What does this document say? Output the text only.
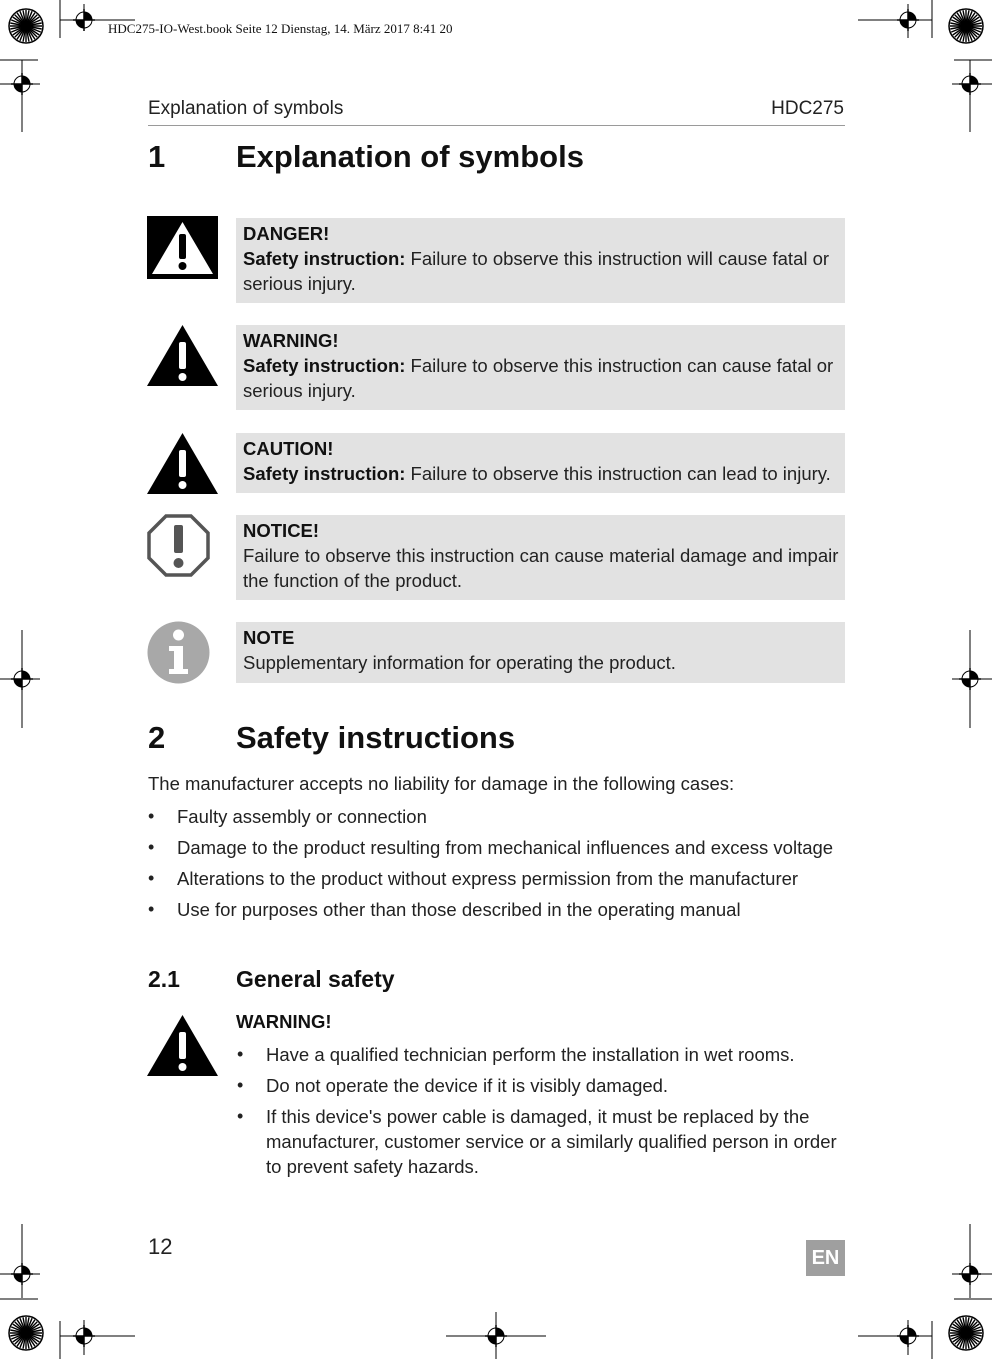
HDC275-IO-West.book Seite 12 Dienstag, 14. März 2017 8:41 20
Explanation of symbols	HDC275
1 Explanation of symbols
DANGER!
Safety instruction: Failure to observe this instruction will cause fatal or serious injury.
WARNING!
Safety instruction: Failure to observe this instruction can cause fatal or serious injury.
CAUTION!
Safety instruction: Failure to observe this instruction can lead to injury.
NOTICE!
Failure to observe this instruction can cause material damage and impair the function of the product.
NOTE
Supplementary information for operating the product.
2 Safety instructions
The manufacturer accepts no liability for damage in the following cases:
• Faulty assembly or connection
• Damage to the product resulting from mechanical influences and excess voltage
• Alterations to the product without express permission from the manufacturer
• Use for purposes other than those described in the operating manual
2.1 General safety
WARNING!
• Have a qualified technician perform the installation in wet rooms.
• Do not operate the device if it is visibly damaged.
• If this device's power cable is damaged, it must be replaced by the manufacturer, customer service or a similarly qualified person in order to prevent safety hazards.
12	EN
